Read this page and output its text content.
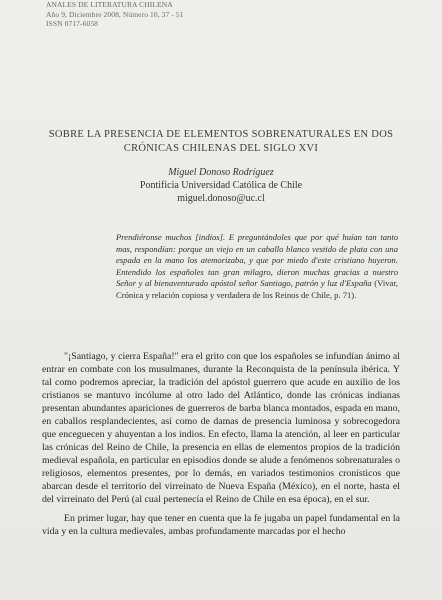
ANALES DE LITERATURA CHILENA
Año 9, Diciembre 2008, Número 10, 37 - 51
ISSN 0717-6058
SOBRE LA PRESENCIA DE ELEMENTOS SOBRENATURALES EN DOS
CRÓNICAS CHILENAS DEL SIGLO XVI
Miguel Donoso Rodríguez
Pontificia Universidad Católica de Chile
miguel.donoso@uc.cl

Prendiéronse muchos [indios]. E preguntándoles que por qué huían tan tanto mas, respondían: porque un viejo en un caballo blanco vestido de plata con una espada en la mano los atemorizaba, y que por miedo d'este cristiano huyeron. Entendido los españoles tan gran milagro, dieron muchas gracias a nuestro Señor y al bienaventurado apóstol señor Santiago, patrón y luz d'España (Vivar, Crónica y relación copiosa y verdadera de los Reinos de Chile, p. 71).

"¡Santiago, y cierra España!" era el grito con que los españoles se infundían ánimo al entrar en combate con los musulmanes, durante la Reconquista de la península ibérica. Y tal como podremos apreciar, la tradición del apóstol guerrero que acude en auxilio de los cristianos se mantuvo incólume al otro lado del Atlántico, donde las crónicas indianas presentan abundantes apariciones de guerreros de barba blanca montados, espada en mano, en caballos resplandecientes, así como de damas de presencia luminosa y sobrecogedora que enceguecen y ahuyentan a los indios. En efecto, llama la atención, al leer en particular las crónicas del Reino de Chile, la presencia en ellas de elementos propios de la tradición medieval española, en particular en episodios donde se alude a fenómenos sobrenaturales o religiosos, elementos presentes, por lo demás, en variados testimonios cronísticos que abarcan desde el territorio del virreinato de Nueva España (México), en el norte, hasta el del virreinato del Perú (al cual pertenecía el Reino de Chile en esa época), en el sur.

En primer lugar, hay que tener en cuenta que la fe jugaba un papel fundamental en la vida y en la cultura medievales, ambas profundamente marcadas por el hecho
